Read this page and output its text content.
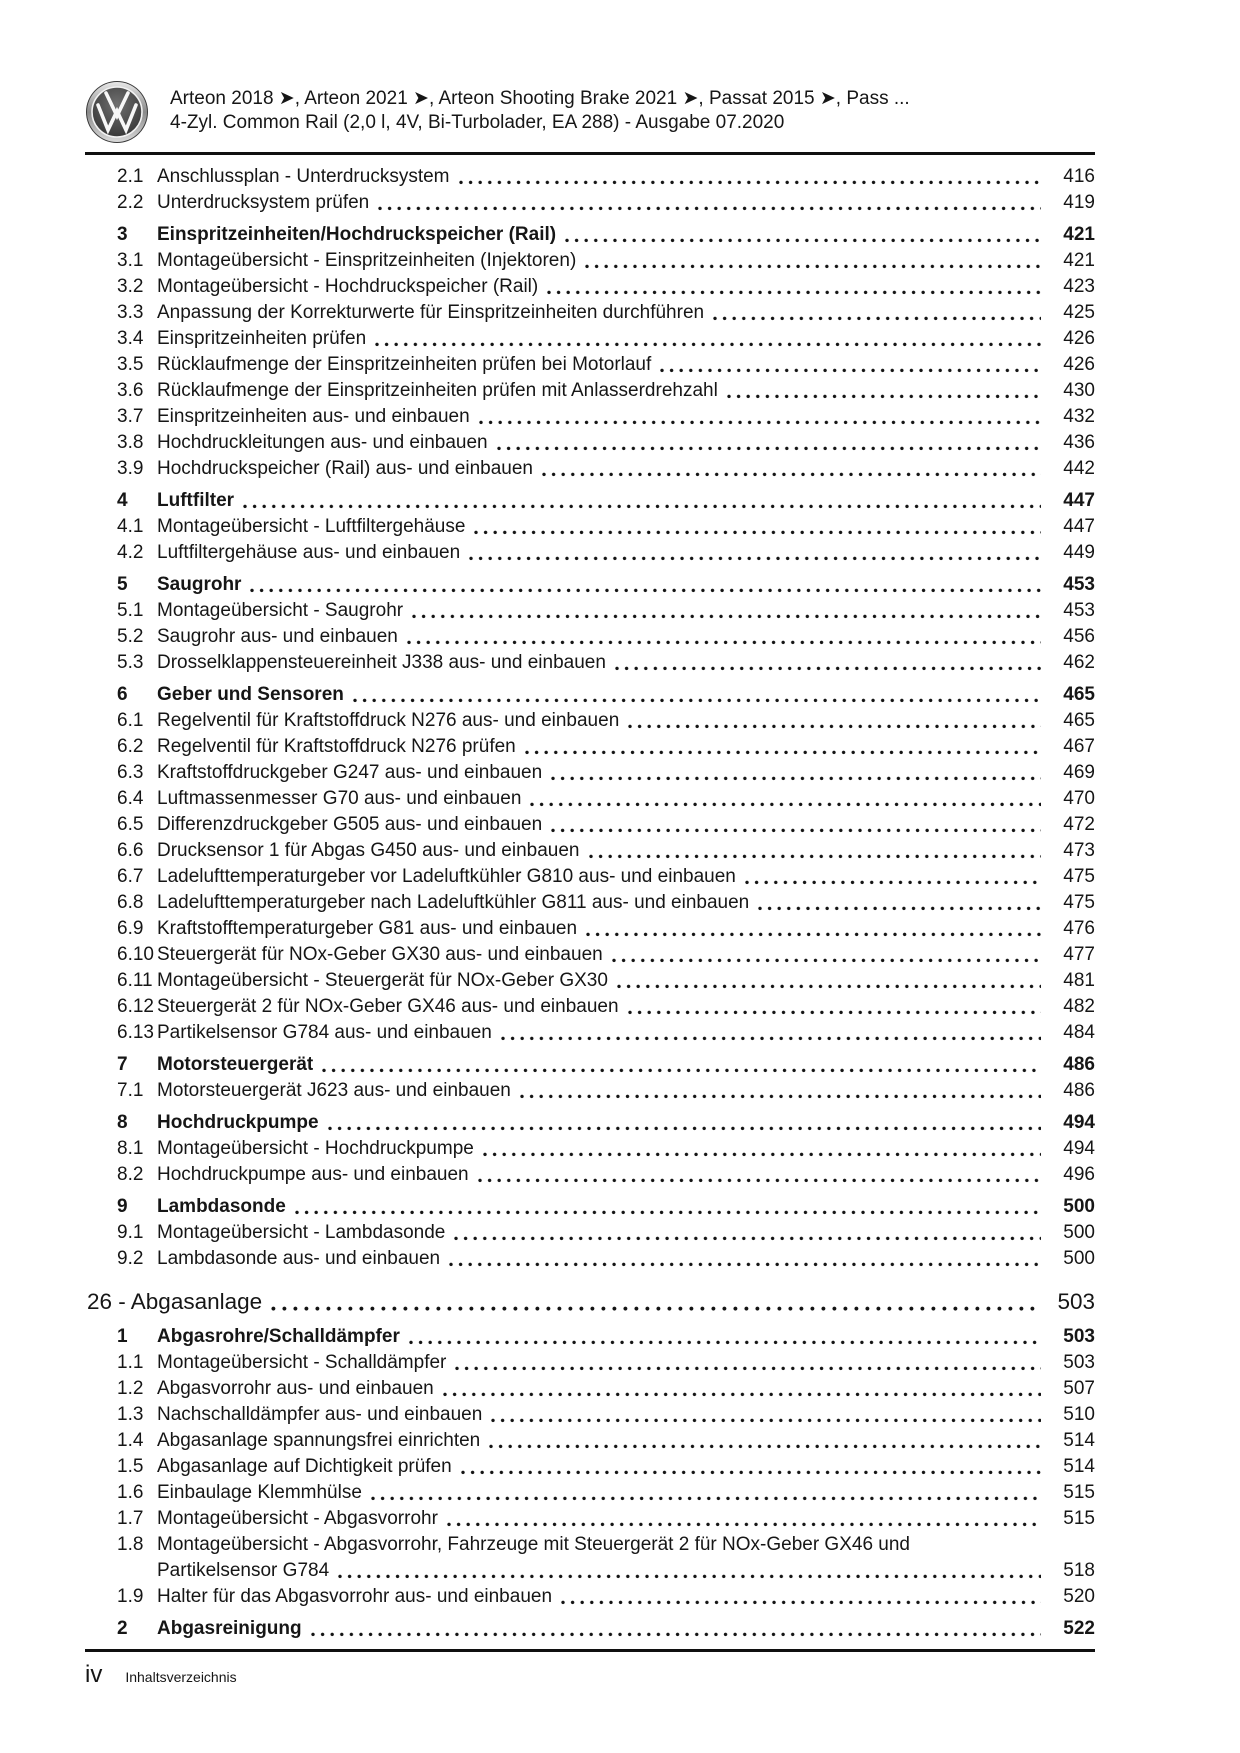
Arteon 2018 ➤, Arteon 2021 ➤, Arteon Shooting Brake 2021 ➤, Passat 2015 ➤, Pass ...
4-Zyl. Common Rail (2,0 l, 4V, Bi-Turbolader, EA 288) - Ausgabe 07.2020
2.1 Anschlussplan - Unterdrucksystem	416
2.2 Unterdrucksystem prüfen	419
3	Einspritzeinheiten/Hochdruckspeicher (Rail)	421
3.1 Montageübersicht - Einspritzeinheiten (Injektoren)	421
3.2 Montageübersicht - Hochdruckspeicher (Rail)	423
3.3 Anpassung der Korrekturwerte für Einspritzeinheiten durchführen	425
3.4 Einspritzeinheiten prüfen	426
3.5 Rücklaufmenge der Einspritzeinheiten prüfen bei Motorlauf	426
3.6 Rücklaufmenge der Einspritzeinheiten prüfen mit Anlasserdrehzahl	430
3.7 Einspritzeinheiten aus- und einbauen	432
3.8 Hochdruckleitungen aus- und einbauen	436
3.9 Hochdruckspeicher (Rail) aus- und einbauen	442
4	Luftfilter	447
4.1 Montageübersicht - Luftfiltergehäuse	447
4.2 Luftfiltergehäuse aus- und einbauen	449
5	Saugrohr	453
5.1 Montageübersicht - Saugrohr	453
5.2 Saugrohr aus- und einbauen	456
5.3 Drosselklappensteuereinheit J338 aus- und einbauen	462
6	Geber und Sensoren	465
6.1 Regelventil für Kraftstoffdruck N276 aus- und einbauen	465
6.2 Regelventil für Kraftstoffdruck N276 prüfen	467
6.3 Kraftstoffdruckgeber G247 aus- und einbauen	469
6.4 Luftmassenmesser G70 aus- und einbauen	470
6.5 Differenzdruckgeber G505 aus- und einbauen	472
6.6 Drucksensor 1 für Abgas G450 aus- und einbauen	473
6.7 Ladelufttemperaturgeber vor Ladeluftkühler G810 aus- und einbauen	475
6.8 Ladelufttemperaturgeber nach Ladeluftkühler G811 aus- und einbauen	475
6.9 Kraftstofftemperaturgeber G81 aus- und einbauen	476
6.10 Steuergerät für NOx-Geber GX30 aus- und einbauen	477
6.11 Montageübersicht - Steuergerät für NOx-Geber GX30	481
6.12 Steuergerät 2 für NOx-Geber GX46 aus- und einbauen	482
6.13 Partikelsensor G784 aus- und einbauen	484
7	Motorsteuergerät	486
7.1 Motorsteuergerät J623 aus- und einbauen	486
8	Hochdruckpumpe	494
8.1 Montageübersicht - Hochdruckpumpe	494
8.2 Hochdruckpumpe aus- und einbauen	496
9	Lambdasonde	500
9.1 Montageübersicht - Lambdasonde	500
9.2 Lambdasonde aus- und einbauen	500
26 - Abgasanlage	503
1	Abgasrohre/Schalldämpfer	503
1.1 Montageübersicht - Schalldämpfer	503
1.2 Abgasvorrohr aus- und einbauen	507
1.3 Nachschalldämpfer aus- und einbauen	510
1.4 Abgasanlage spannungsfrei einrichten	514
1.5 Abgasanlage auf Dichtigkeit prüfen	514
1.6 Einbaulage Klemmhülse	515
1.7 Montageübersicht - Abgasvorrohr	515
1.8 Montageübersicht - Abgasvorrohr, Fahrzeuge mit Steuergerät 2 für NOx-Geber GX46 und
Partikelsensor G784	518
1.9 Halter für das Abgasvorrohr aus- und einbauen	520
2	Abgasreinigung	522
iv Inhaltsverzeichnis
